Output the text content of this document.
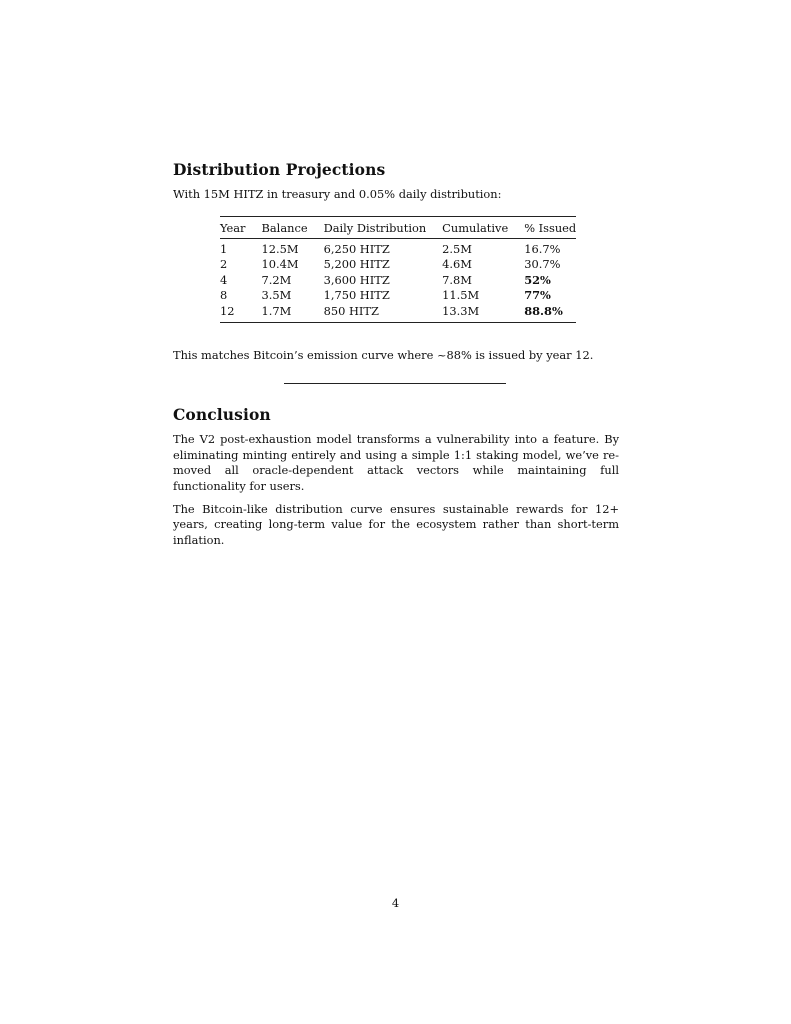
Distribution Projections

With 15M HITZ in treasury and 0.05% daily distribution:

Year	Balance	Daily Distribution	Cumulative	% Issued
1	12.5M	6,250 HITZ	2.5M	16.7%
2	10.4M	5,200 HITZ	4.6M	30.7%
4	7.2M	3,600 HITZ	7.8M	52%
8	3.5M	1,750 HITZ	11.5M	77%
12	1.7M	850 HITZ	13.3M	88.8%

This matches Bitcoin’s emission curve where ~88% is issued by year 12.

Conclusion

The V2 post-exhaustion model transforms a vulnerability into a feature. By eliminating minting entirely and using a simple 1:1 staking model, we’ve re-moved all oracle-dependent attack vectors while maintaining full functionality for users.

The Bitcoin-like distribution curve ensures sustainable rewards for 12+ years, creating long-term value for the ecosystem rather than short-term inflation.

4
